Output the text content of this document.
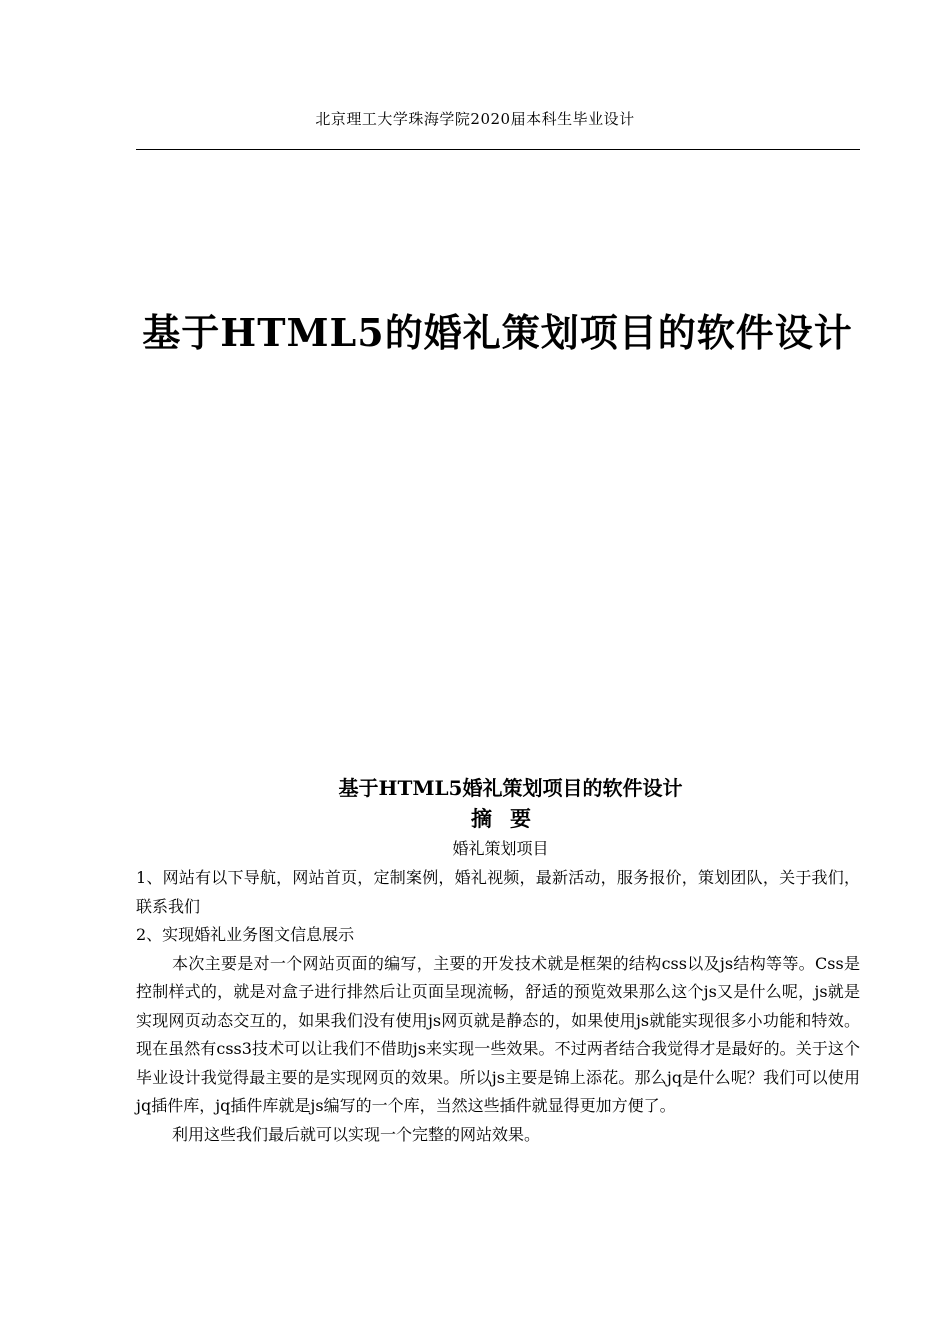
北京理工大学珠海学院2020届本科生毕业设计
基于HTML5的婚礼策划项目的软件设计
基于HTML5婚礼策划项目的软件设计
摘要
婚礼策划项目

1、网站有以下导航，网站首页，定制案例，婚礼视频，最新活动，服务报价，策划团队，关于我们，联系我们

2、实现婚礼业务图文信息展示

本次主要是对一个网站页面的编写，主要的开发技术就是框架的结构css以及js结构等等。Css是控制样式的，就是对盒子进行排然后让页面呈现流畅，舒适的预览效果那么这个js又是什么呢，js就是实现网页动态交互的，如果我们没有使用js网页就是静态的，如果使用js就能实现很多小功能和特效。现在虽然有css3技术可以让我们不借助js来实现一些效果。不过两者结合我觉得才是最好的。关于这个毕业设计我觉得最主要的是实现网页的效果。所以js主要是锦上添花。那么jq是什么呢？我们可以使用jq插件库，jq插件库就是js编写的一个库，当然这些插件就显得更加方便了。

利用这些我们最后就可以实现一个完整的网站效果。
